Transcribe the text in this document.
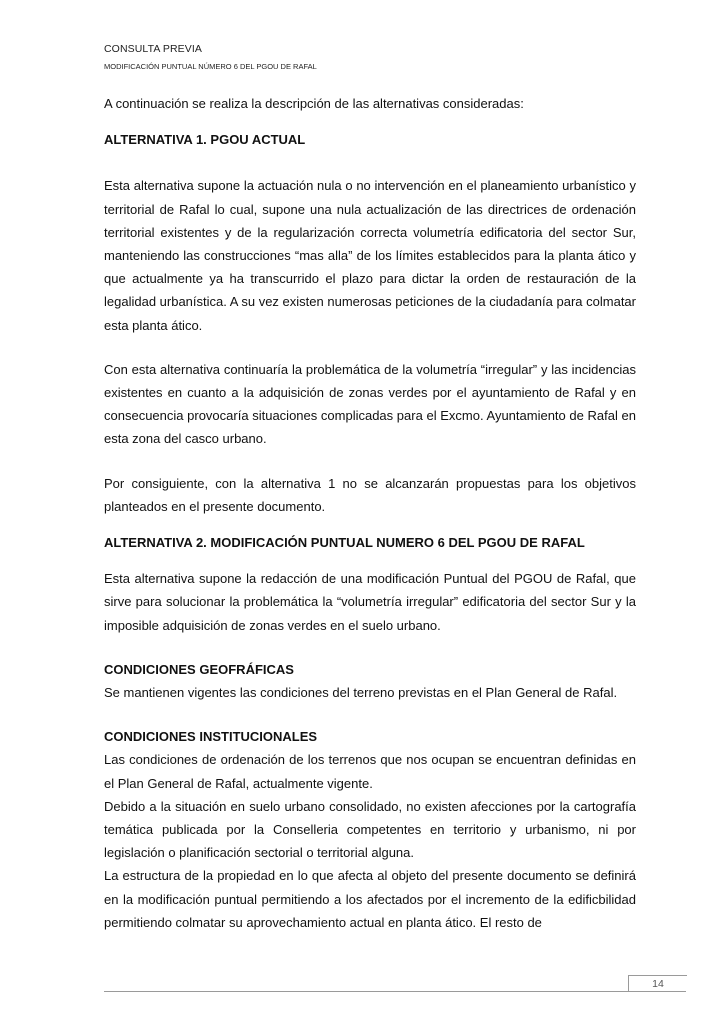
CONSULTA PREVIA
MODIFICACIÓN PUNTUAL NÚMERO 6 DEL PGOU DE RAFAL

A continuación se realiza la descripción de las alternativas consideradas:

ALTERNATIVA 1. PGOU ACTUAL

Esta alternativa supone la actuación nula o no intervención en el planeamiento urbanístico y territorial de Rafal lo cual, supone una nula actualización de las directrices de ordenación territorial existentes y de la regularización correcta volumetría edificatoria del sector Sur, manteniendo las construcciones “mas alla” de los límites establecidos para la planta ático y que actualmente ya ha transcurrido el plazo para dictar la orden de restauración de la legalidad urbanística. A su vez existen numerosas peticiones de la ciudadanía para colmatar esta planta ático.

Con esta alternativa continuaría la problemática de la volumetría “irregular” y las incidencias existentes en cuanto a la adquisición de zonas verdes por el ayuntamiento de Rafal y en consecuencia provocaría situaciones complicadas para el Excmo. Ayuntamiento de Rafal en esta zona del casco urbano.

Por consiguiente, con la alternativa 1 no se alcanzarán propuestas para los objetivos planteados en el presente documento.

ALTERNATIVA 2. MODIFICACIÓN PUNTUAL NUMERO 6 DEL PGOU DE RAFAL

Esta alternativa supone la redacción de una modificación Puntual del PGOU de Rafal, que sirve para solucionar la problemática la “volumetría irregular” edificatoria del sector Sur y la imposible adquisición de zonas verdes en el suelo urbano.

CONDICIONES GEOFRÁFICAS

Se mantienen vigentes las condiciones del terreno previstas en el Plan General de Rafal.

CONDICIONES INSTITUCIONALES

Las condiciones de ordenación de los terrenos que nos ocupan se encuentran definidas en el Plan General de Rafal, actualmente vigente.

Debido a la situación en suelo urbano consolidado, no existen afecciones por la cartografía temática publicada por la Conselleria competentes en territorio y urbanismo, ni por legislación o planificación sectorial o territorial alguna.

La estructura de la propiedad en lo que afecta al objeto del presente documento se definirá en la modificación puntual permitiendo a los afectados por el incremento de la edificbilidad permitiendo colmatar su aprovechamiento actual en planta ático. El resto de

14
